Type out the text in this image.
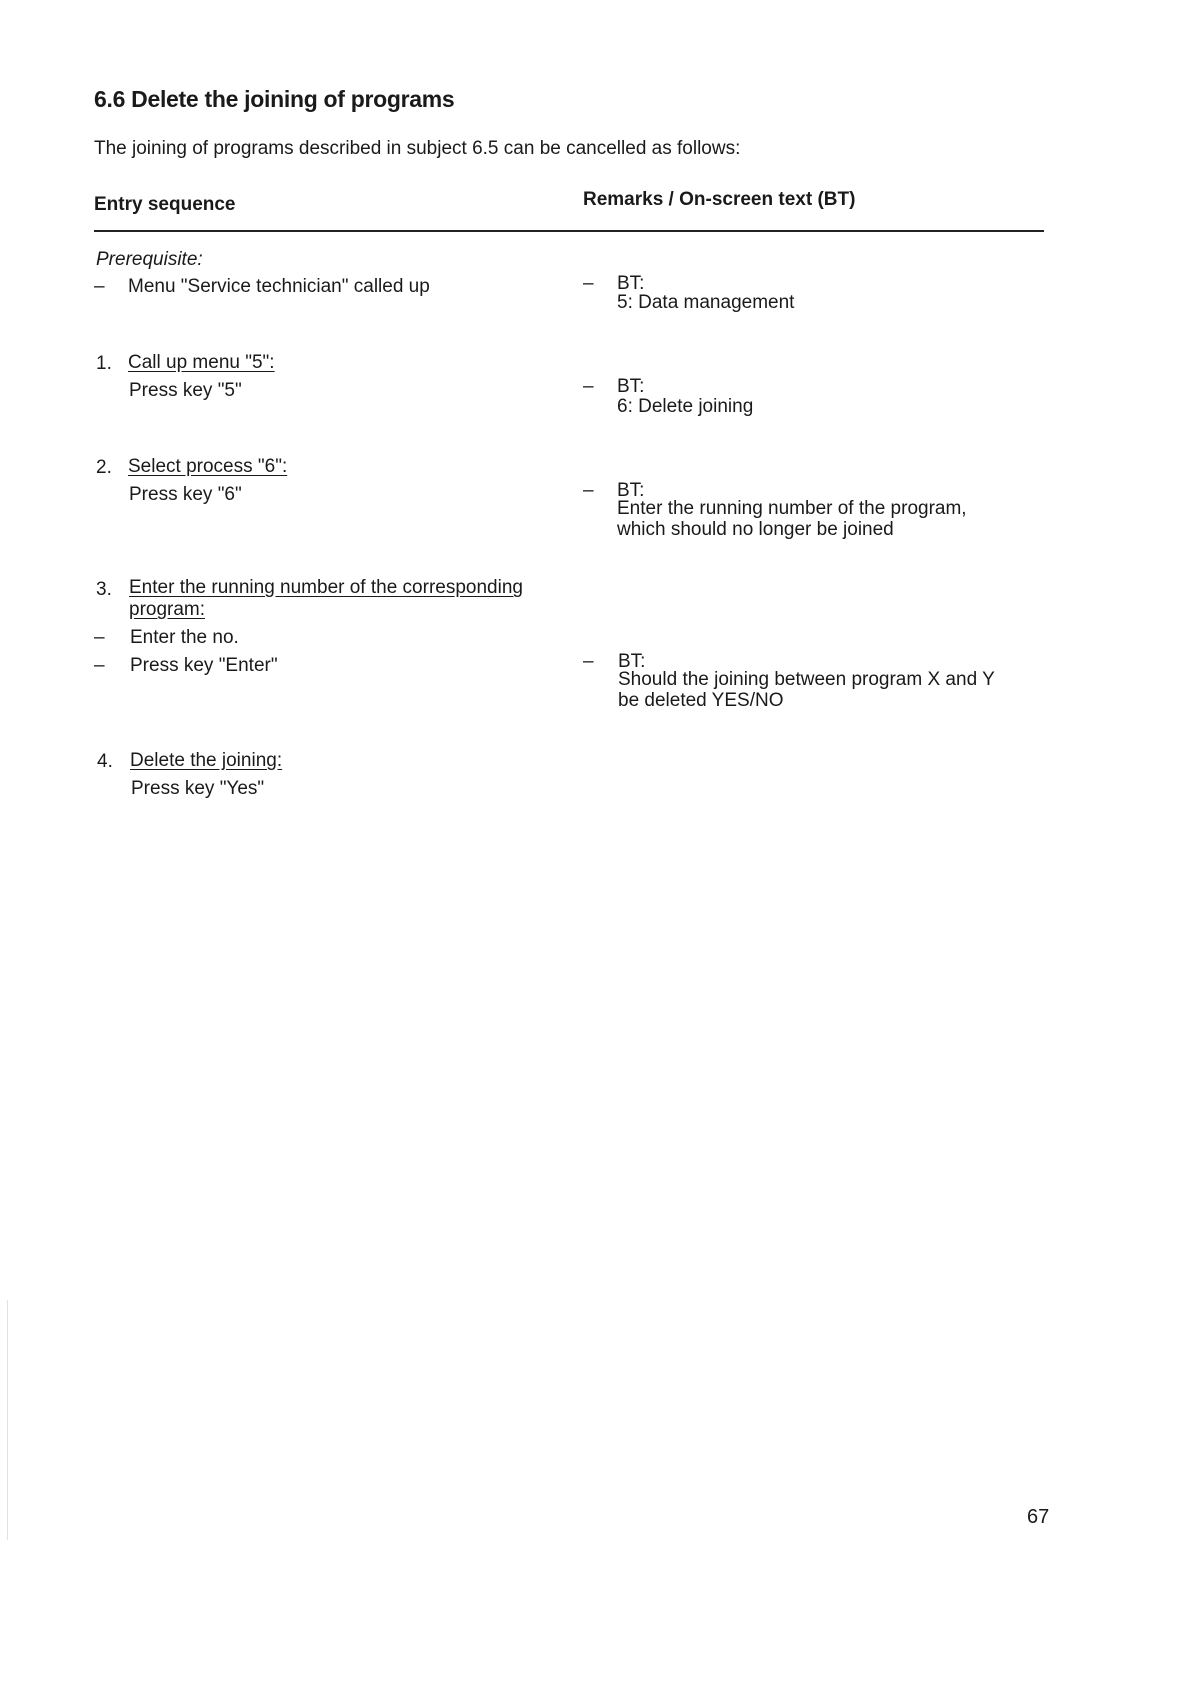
6.6 Delete the joining of programs
The joining of programs described in subject 6.5 can be cancelled as follows:
Entry sequence	Remarks / On-screen text (BT)
Prerequisite:
– Menu "Service technician" called up	– BT:
5: Data management
1. Call up menu "5":
Press key "5"	– BT:
6: Delete joining
2. Select process "6":
Press key "6"	– BT:
Enter the running number of the program,
which should no longer be joined
3. Enter the running number of the corresponding
program:
– Enter the no.
– Press key "Enter"	– BT:
Should the joining between program X and Y
be deleted YES/NO
4. Delete the joining:
Press key "Yes"
67
